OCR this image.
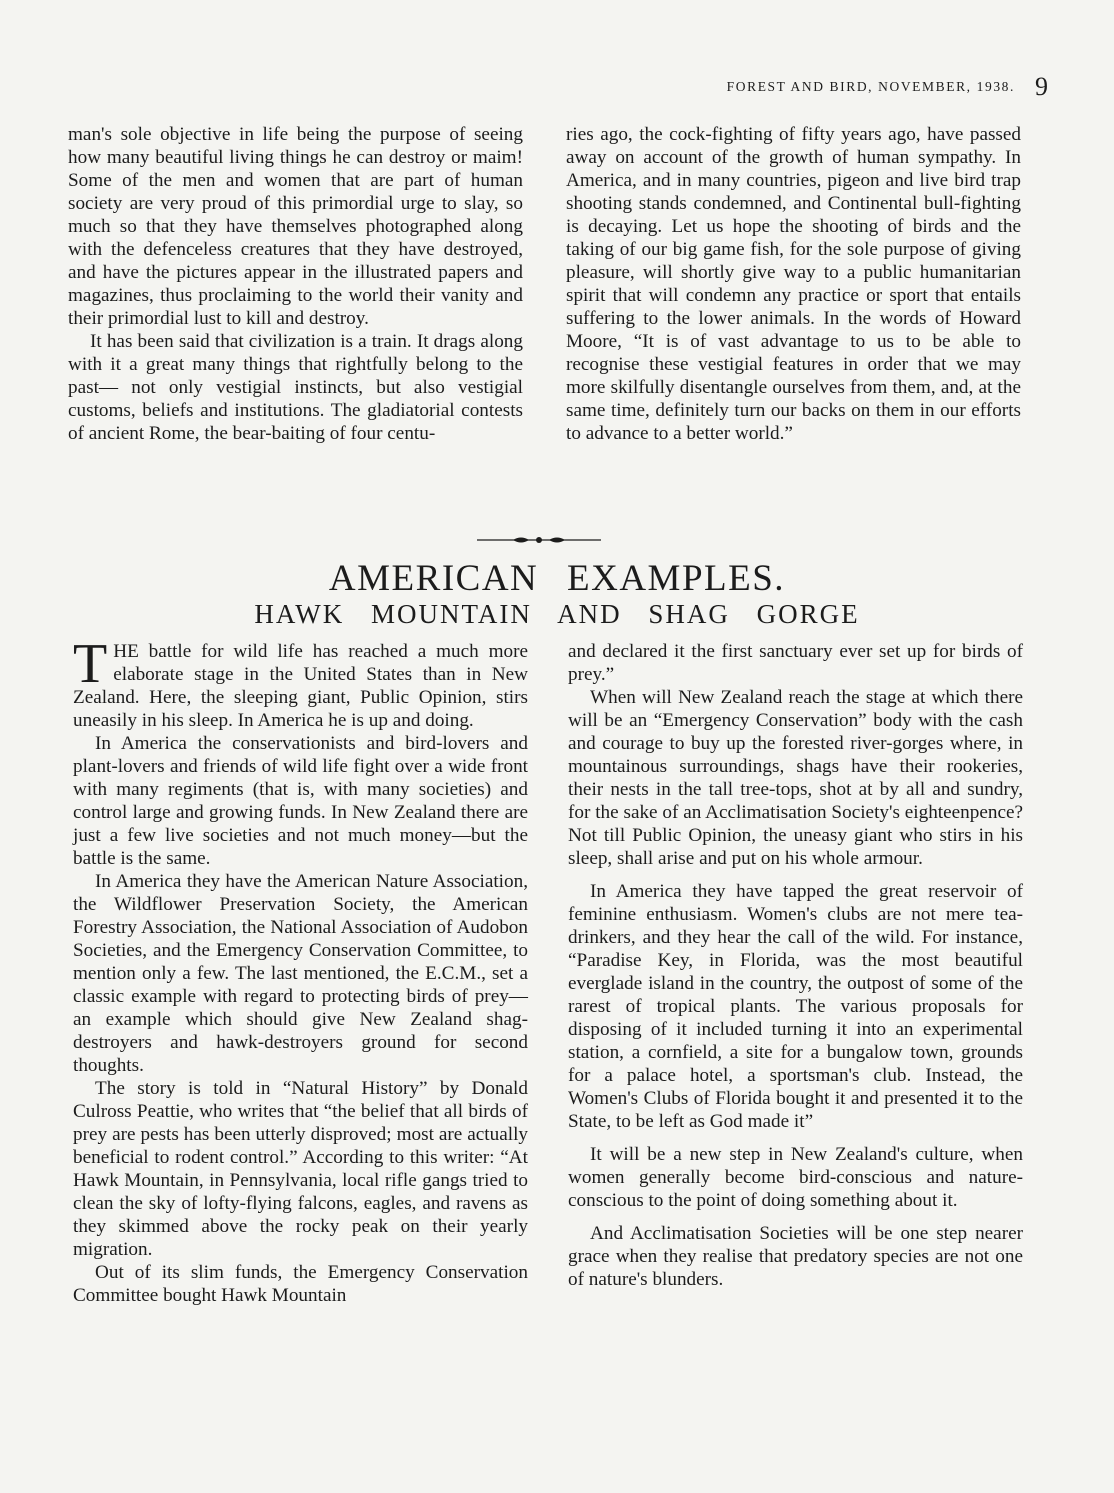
FOREST AND BIRD, NOVEMBER, 1938. 9

man's sole objective in life being the purpose of seeing how many beautiful living things he can destroy or maim! Some of the men and women that are part of human society are very proud of this primordial urge to slay, so much so that they have themselves photographed along with the defenceless creatures that they have destroyed, and have the pictures appear in the illustrated papers and magazines, thus proclaiming to the world their vanity and their primordial lust to kill and destroy.

It has been said that civilization is a train. It drags along with it a great many things that rightfully belong to the past— not only vestigial instincts, but also vestigial customs, beliefs and institutions. The gladiatorial contests of ancient Rome, the bear-baiting of four centu-

ries ago, the cock-fighting of fifty years ago, have passed away on account of the growth of human sympathy. In America, and in many countries, pigeon and live bird trap shooting stands condemned, and Continental bull-fighting is decaying. Let us hope the shooting of birds and the taking of our big game fish, for the sole purpose of giving pleasure, will shortly give way to a public humanitarian spirit that will condemn any practice or sport that entails suffering to the lower animals. In the words of Howard Moore, “It is of vast advantage to us to be able to recognise these vestigial features in order that we may more skilfully disentangle ourselves from them, and, at the same time, definitely turn our backs on them in our efforts to advance to a better world.”

AMERICAN EXAMPLES.
HAWK MOUNTAIN AND SHAG GORGE

THE battle for wild life has reached a much more elaborate stage in the United States than in New Zealand. Here, the sleeping giant, Public Opinion, stirs uneasily in his sleep. In America he is up and doing.

In America the conservationists and bird-lovers and plant-lovers and friends of wild life fight over a wide front with many regiments (that is, with many societies) and control large and growing funds. In New Zealand there are just a few live societies and not much money—but the battle is the same.

In America they have the American Nature Association, the Wildflower Preservation Society, the American Forestry Association, the National Association of Audobon Societies, and the Emergency Conservation Committee, to mention only a few. The last mentioned, the E.C.M., set a classic example with regard to protecting birds of prey—an example which should give New Zealand shag-destroyers and hawk-destroyers ground for second thoughts.

The story is told in “Natural History” by Donald Culross Peattie, who writes that “the belief that all birds of prey are pests has been utterly disproved; most are actually beneficial to rodent control.” According to this writer: “At Hawk Mountain, in Pennsylvania, local rifle gangs tried to clean the sky of lofty-flying falcons, eagles, and ravens as they skimmed above the rocky peak on their yearly migration.

Out of its slim funds, the Emergency Conservation Committee bought Hawk Mountain

and declared it the first sanctuary ever set up for birds of prey.”

When will New Zealand reach the stage at which there will be an “Emergency Conservation” body with the cash and courage to buy up the forested river-gorges where, in mountainous surroundings, shags have their rookeries, their nests in the tall tree-tops, shot at by all and sundry, for the sake of an Acclimatisation Society's eighteenpence? Not till Public Opinion, the uneasy giant who stirs in his sleep, shall arise and put on his whole armour.

In America they have tapped the great reservoir of feminine enthusiasm. Women's clubs are not mere tea-drinkers, and they hear the call of the wild. For instance, “Paradise Key, in Florida, was the most beautiful everglade island in the country, the outpost of some of the rarest of tropical plants. The various proposals for disposing of it included turning it into an experimental station, a cornfield, a site for a bungalow town, grounds for a palace hotel, a sportsman's club. Instead, the Women's Clubs of Florida bought it and presented it to the State, to be left as God made it”

It will be a new step in New Zealand's culture, when women generally become bird-conscious and nature-conscious to the point of doing something about it.

And Acclimatisation Societies will be one step nearer grace when they realise that predatory species are not one of nature's blunders.
